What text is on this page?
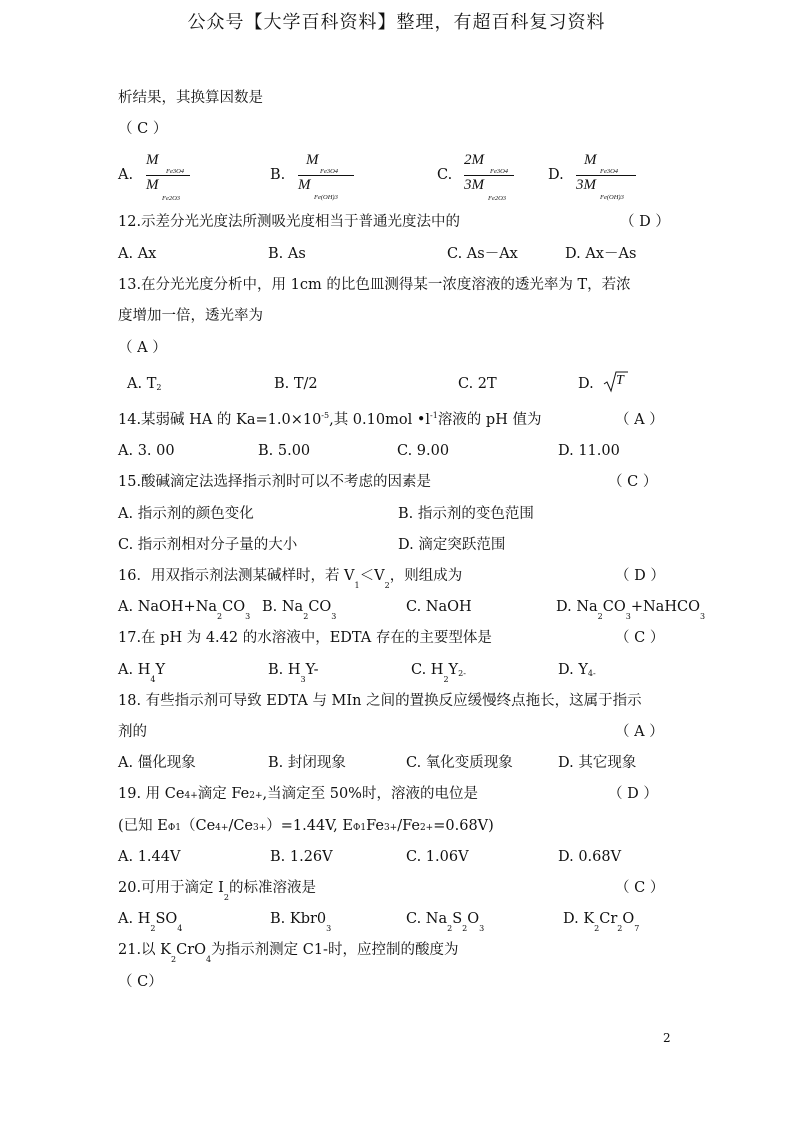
公众号【大学百科资料】整理，有超百科复习资料
析结果，其换算因数是
（ C ）
A.
M
Fe3O4
M
Fe2O3
B.
M
Fe3O4
M
Fe(OH)3
C.
2M
Fe3O4
3M
Fe2O3
D.
M
Fe3O4
3M
Fe(OH)3
12.示差分光光度法所测吸光度相当于普通光度法中的	（ D ）
A. Ax	B. As	C. As－Ax	D. Ax－As
13.在分光光度分析中，用 1cm 的比色皿测得某一浓度溶液的透光率为 T，若浓
度增加一倍，透光率为
（ A ）
A. T2	B. T/2	C. 2T	D. T
14.某弱碱 HA 的 $Ka=1.0\times 10^{-5}$,其 0.10mol $•l^{-1}$溶液的 pH 值为	（ A ）
A. 3. 00	B. 5.00	C. 9.00	D. 11.00
15.酸碱滴定法选择指示剂时可以不考虑的因素是	（ C ）
A. 指示剂的颜色变化	B. 指示剂的变色范围
C. 指示剂相对分子量的大小	D. 滴定突跃范围
16．用双指示剂法测某碱样时，若 $V_1<V_2$，则组成为	（ D ）
A. $NaOH+Na_2CO_3$
B. $Na_2CO_3$
C. NaOH	D. $Na_2CO_3+NaHCO_3$
17.在 pH 为 4.42 的水溶液中，EDTA 存在的主要型体是	（ C ）
A. $H_4Y$	B. $H_3Y-$	C. $H_2Y2-$	D. Y4-
18. 有些指示剂可导致 EDTA 与 MIn 之间的置换反应缓慢终点拖长，这属于指示
剂的	（ A ）
A. 僵化现象	B. 封闭现象	C. 氧化变质现象	D. 其它现象
19. 用 Ce4+滴定 Fe2+,当滴定至 50%时，溶液的电位是	（ D ）
(已知 EΦ1（Ce4+/Ce3+）=1.44V, EΦ1Fe3+/Fe2+=0.68V)
A. 1.44V	B. 1.26V	C. 1.06V	D. 0.68V
20.可用于滴定 $I_2$的标准溶液是	（ C ）
A. $H_2SO_4$
B. $Kbr0_3$
C. $Na_2S_2O_3$
D. $K_2Cr_2O_7$
21.以 $K_2CrO_4$为指示剂测定 C1-时，应控制的酸度为
（ C）
2
